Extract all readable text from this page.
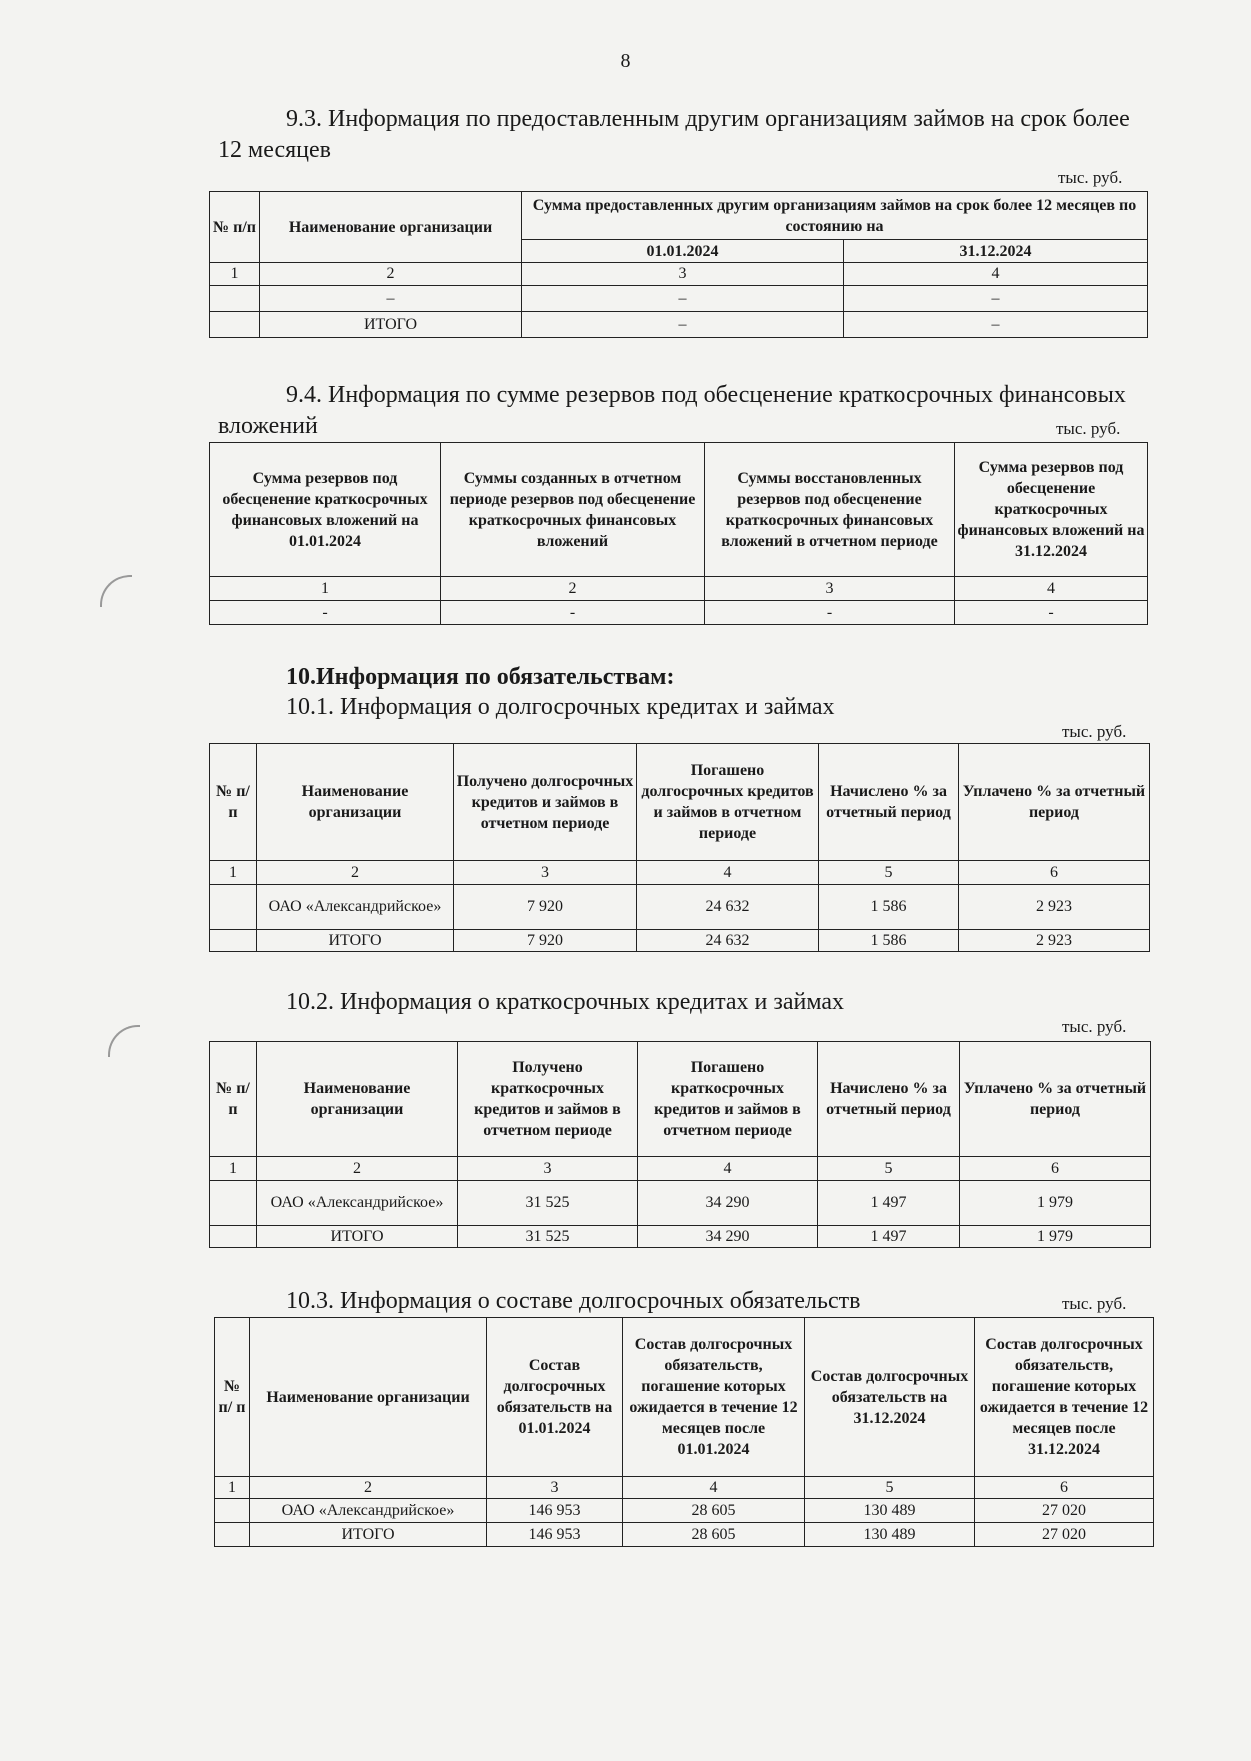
8
9.3. Информация по предоставленным другим организациям займов на срок более 12 месяцев
тыс. руб.
№ п/п	Наименование организации	Сумма предоставленных другим организациям займов на срок более 12 месяцев по состоянию на	
		01.01.2024	31.12.2024
1	2	3	4
	–	–	–
	ИТОГО	–	–
9.4. Информация по сумме резервов под обесценение краткосрочных финансовых вложений	тыс. руб.
Сумма резервов под обесценение краткосрочных финансовых вложений на 01.01.2024	Суммы созданных в отчетном периоде резервов под обесценение краткосрочных финансовых вложений	Суммы восстановленных резервов под обесценение краткосрочных финансовых вложений в отчетном периоде	Сумма резервов под обесценение краткосрочных финансовых вложений на 31.12.2024
1	2	3	4
-	-	-	-
10.Информация по обязательствам:
10.1. Информация о долгосрочных кредитах и займах
тыс. руб.
№ п/ п	Наименование организации	Получено долгосрочных кредитов и займов в отчетном периоде	Погашено долгосрочных кредитов и займов в отчетном периоде	Начислено % за отчетный период	Уплачено % за отчетный период
1	2	3	4	5	6
	ОАО «Александрийское»	7 920	24 632	1 586	2 923
	ИТОГО	7 920	24 632	1 586	2 923
10.2. Информация о краткосрочных кредитах и займах
тыс. руб.
№ п/ п	Наименование организации	Получено краткосрочных кредитов и займов в отчетном периоде	Погашено краткосрочных кредитов и займов в отчетном периоде	Начислено % за отчетный период	Уплачено % за отчетный период
1	2	3	4	5	6
	ОАО «Александрийское»	31 525	34 290	1 497	1 979
	ИТОГО	31 525	34 290	1 497	1 979
10.3. Информация о составе долгосрочных обязательств	тыс. руб.
№ п/ п	Наименование организации	Состав долгосрочных обязательств на 01.01.2024	Состав долгосрочных обязательств, погашение которых ожидается в течение 12 месяцев после 01.01.2024	Состав долгосрочных обязательств на 31.12.2024	Состав долгосрочных обязательств, погашение которых ожидается в течение 12 месяцев после 31.12.2024
1	2	3	4	5	6
	ОАО «Александрийское»	146 953	28 605	130 489	27 020
	ИТОГО	146 953	28 605	130 489	27 020
